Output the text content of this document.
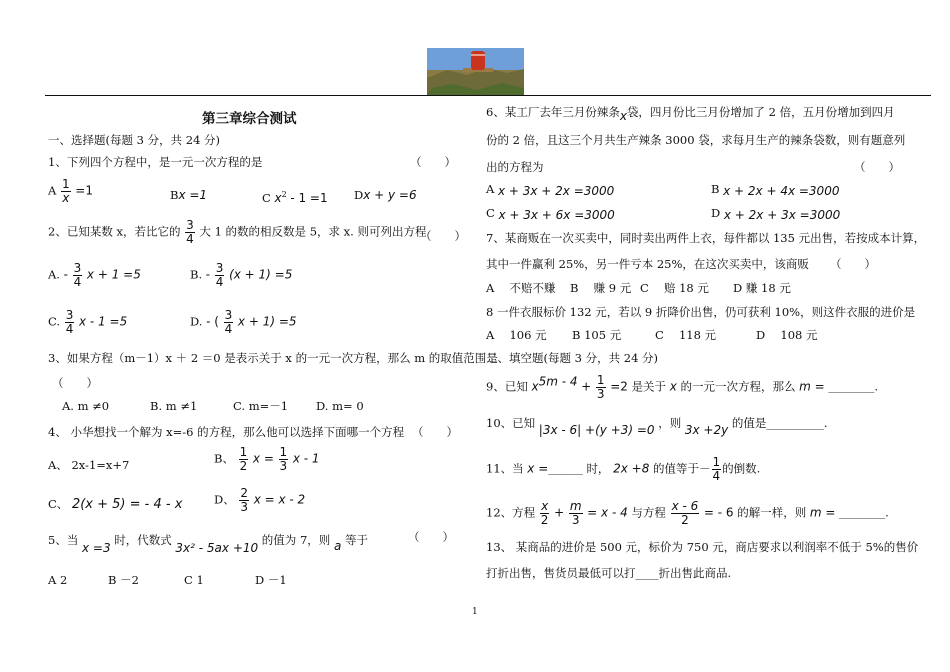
第三章综合测试
一、选择题(每题 3 分，共 24 分)
1、下列四个方程中，是一元一次方程的是	（　　）
A $\frac{1}{x} =1$	Bx =1	C $x^2 - 1 =1$ Dx + y =6
2、已知某数 x，若比它的 $\frac{3}{4}$ 大 1 的数的相反数是 5，求 x. 则可列出方程
（　　）
A. - $\frac{3}{4}$ x + 1 =5	B. - $\frac{3}{4} (x + 1) =5$
C. $\frac{3}{4}$ x - 1 =5	D. - ( $\frac{3}{4}$ x + 1) =5
3、如果方程（m－1）x ＋ 2 ＝0 是表示关于 x 的一元一次方程，那么 m 的取值范围是
（　　）
A. m ≠0	B. m ≠1	C. m=－1 D. m= 0
4、 小华想找一个解为 x=-6 的方程，那么他可以选择下面哪一个方程 （　　）
A、 2x-1=x+7	B、 $\frac{1}{2}$ $x = \frac{1}{3}$ x - 1
C、 2(x + 5) = - 4 - x	D、 $\frac{2}{3}$ x = x - 2
5、当 x =3 时，代数式 3x² - 5ax +10 的值为 7，则 a 等于	（　　）
A 2	B －2	C 1	D －1
6、某工厂去年三月份辣条x袋，四月份比三月份增加了 2 倍，五月份增加到四月
份的 2 倍，且这三个月共生产辣条 3000 袋，求每月生产的辣条袋数，则有题意列
出的方程为	（　　）
A x + 3x + 2x =3000	B x + 2x + 4x =3000
C x + 3x + 6x =3000	D x + 2x + 3x =3000
7、某商贩在一次买卖中，同时卖出两件上衣，每件都以 135 元出售，若按成本计算，
其中一件赢利 25%，另一件亏本 25%，在这次买卖中，该商贩 （　　）
A　 不赔不赚 B　 赚 9 元 C　 赔 18 元 D 赚 18 元
8 一件衣服标价 132 元，若以 9 折降价出售，仍可获利 10%，则这件衣服的进价是
A　 106 元 B 105 元	C　 118 元	D　 108 元
二、填空题(每题 3 分，共 24 分)
9、已知 $x^{5m - 4} + \frac{1}{3} =2$ 是关于 x 的一元一次方程，那么 m = ________.
10、已知 |3x - 6| +(y +3) =0 ，则 3x +2y 的值是__________.
11、当 x =______ 时， 2x +8 的值等于－ $\frac{1}{4}$ 的倒数.
12、方程 $\frac{x}{2} + \frac{m}{3} = x - 4$ 与方程 $\frac{x - 6}{2}$ = - 6 的解一样，则 m = ________.
13、 某商品的进价是 500 元，标价为 750 元，商店要求以利润率不低于 5%的售价
打折出售，售货员最低可以打____折出售此商品.
1
